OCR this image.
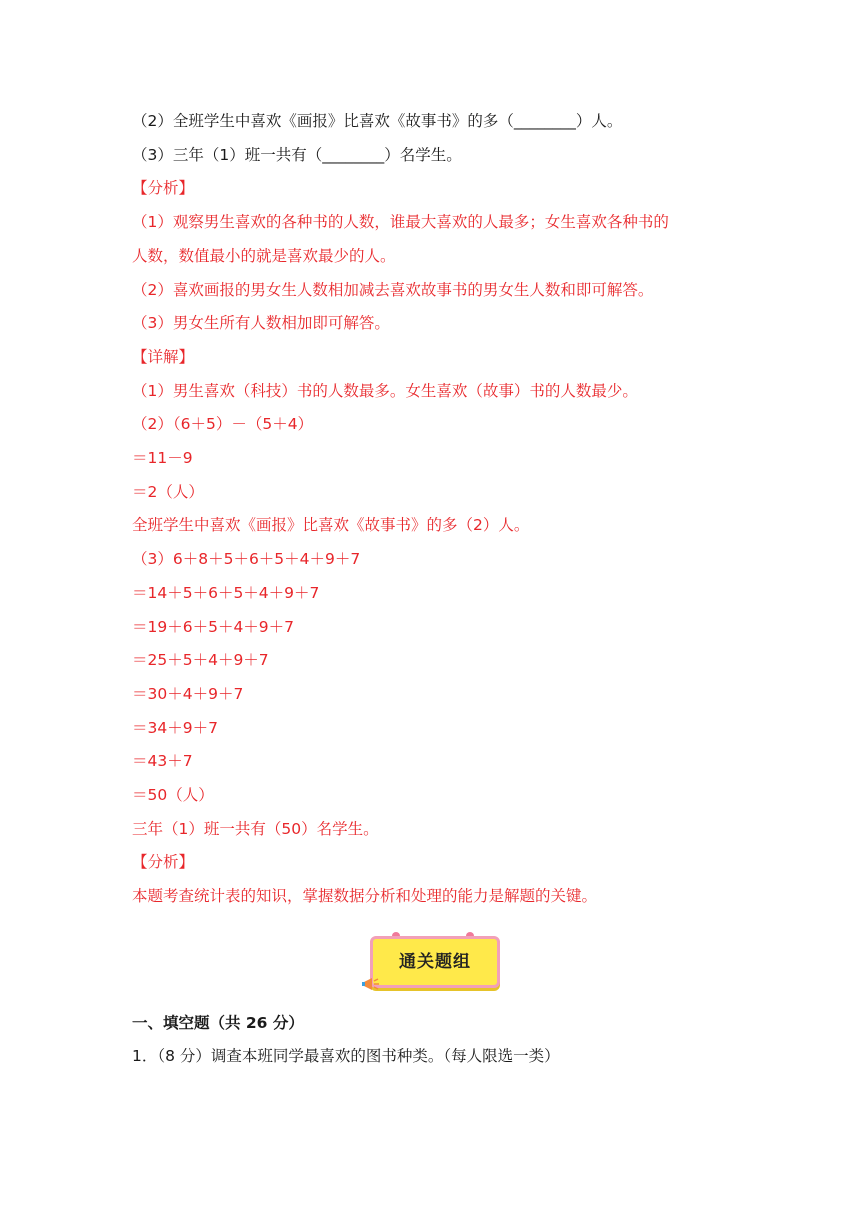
（2）全班学生中喜欢《画报》比喜欢《故事书》的多（________）人。
（3）三年（1）班一共有（________）名学生。
【分析】
（1）观察男生喜欢的各种书的人数，谁最大喜欢的人最多；女生喜欢各种书的
人数，数值最小的就是喜欢最少的人。
（2）喜欢画报的男女生人数相加减去喜欢故事书的男女生人数和即可解答。
（3）男女生所有人数相加即可解答。
【详解】
（1）男生喜欢（科技）书的人数最多。女生喜欢（故事）书的人数最少。
（2）（6＋5）－（5＋4）
＝11－9
＝2（人）
全班学生中喜欢《画报》比喜欢《故事书》的多（2）人。
（3）6＋8＋5＋6＋5＋4＋9＋7
＝14＋5＋6＋5＋4＋9＋7
＝19＋6＋5＋4＋9＋7
＝25＋5＋4＋9＋7
＝30＋4＋9＋7
＝34＋9＋7
＝43＋7
＝50（人）
三年（1）班一共有（50）名学生。
【分析】
本题考查统计表的知识，掌握数据分析和处理的能力是解题的关键。
通关题组
一、填空题（共 26 分）
1．（8 分）调查本班同学最喜欢的图书种类。（每人限选一类）
